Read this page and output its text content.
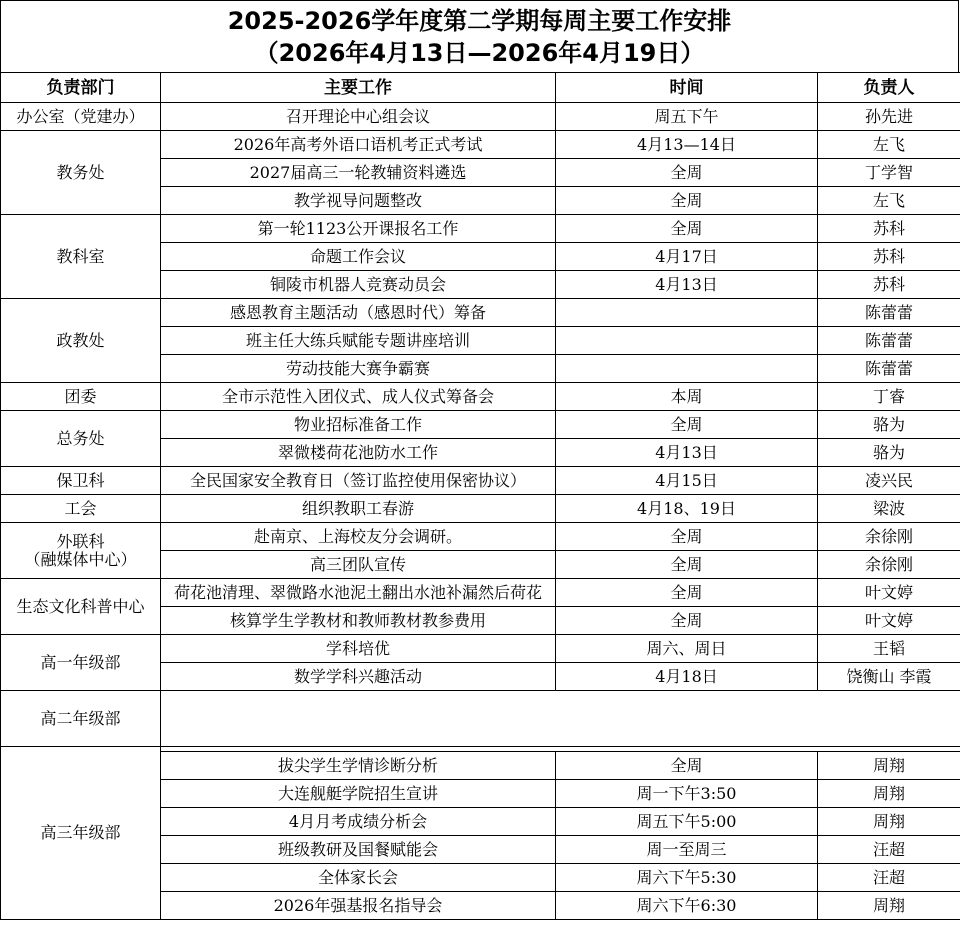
2025-2026学年度第二学期每周主要工作安排
（2026年4月13日—2026年4月19日）
负责部门	主要工作	时间	负责人
办公室（党建办）	召开理论中心组会议	周五下午	孙先进
教务处	2026年高考外语口语机考正式考试	4月13—14日	左飞
	2027届高三一轮教辅资料遴选	全周	丁学智
	教学视导问题整改	全周	左飞
教科室	第一轮1123公开课报名工作	全周	苏科
	命题工作会议	4月17日	苏科
	铜陵市机器人竞赛动员会	4月13日	苏科
政教处	感恩教育主题活动（感恩时代）筹备		陈蕾蕾
	班主任大练兵赋能专题讲座培训		陈蕾蕾
	劳动技能大赛争霸赛		陈蕾蕾
团委	全市示范性入团仪式、成人仪式筹备会	本周	丁睿
总务处	物业招标准备工作	全周	骆为
	翠微楼荷花池防水工作	4月13日	骆为
保卫科	全民国家安全教育日（签订监控使用保密协议）	4月15日	凌兴民
工会	组织教职工春游	4月18、19日	梁波

外联科
（融媒体中心）	赴南京、上海校友分会调研。	全周	余徐刚
	高三团队宣传	全周	余徐刚
生态文化科普中心	荷花池清理、翠微路水池泥土翻出水池补漏然后荷花	全周	叶文婷
	核算学生学教材和教师教材教参费用	全周	叶文婷
高一年级部	学科培优	周六、周日	王韬
	数学学科兴趣活动	4月18日	饶衡山 李霞
高二年级部			
高三年级部			
	拔尖学生学情诊断分析	全周	周翔
	大连舰艇学院招生宣讲	周一下午3:50	周翔
	4月月考成绩分析会	周五下午5:00	周翔
	班级教研及国餐赋能会	周一至周三	汪超
	全体家长会	周六下午5:30	汪超
	2026年强基报名指导会	周六下午6:30	周翔
